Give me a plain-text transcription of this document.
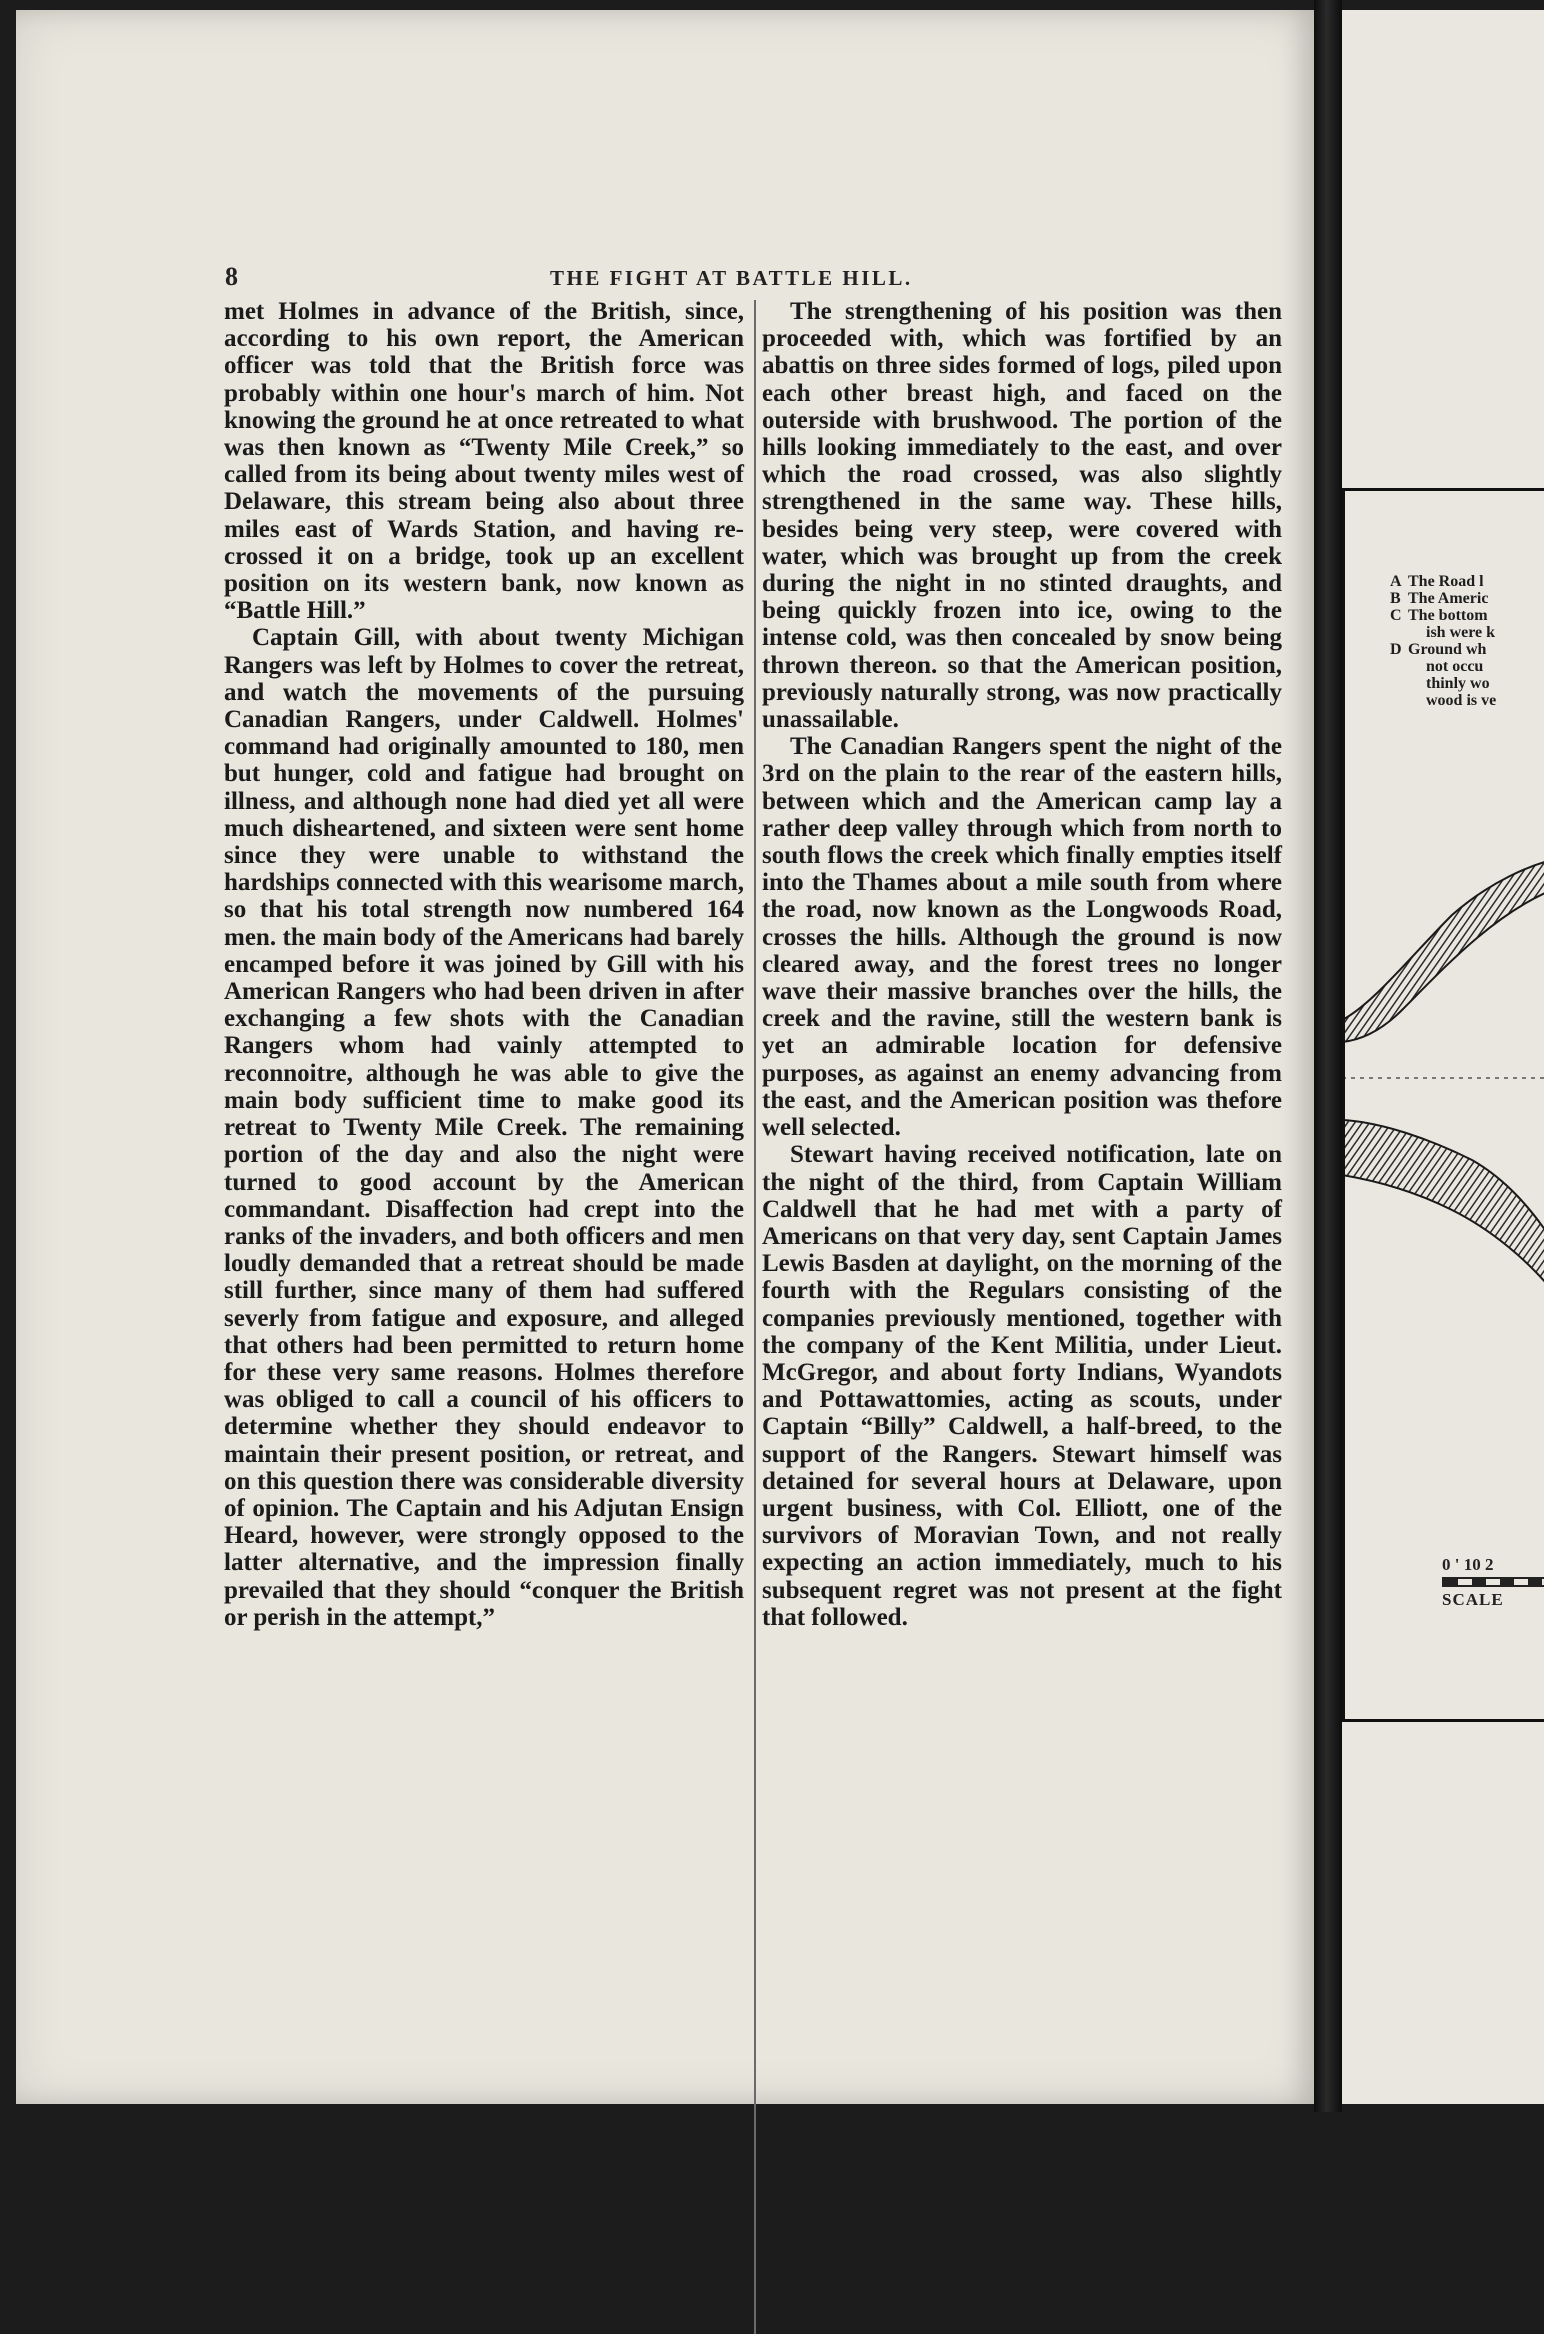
8	THE FIGHT AT BATTLE HILL.

met Holmes in advance of the British, since, according to his own report, the American officer was told that the British force was probably within one hour's march of him. Not knowing the ground he at once retreated to what was then known as “Twenty Mile Creek,” so called from its being about twenty miles west of Delaware, this stream being also about three miles east of Wards Station, and having re-crossed it on a bridge, took up an excellent position on its western bank, now known as “Battle Hill.”

Captain Gill, with about twenty Michigan Rangers was left by Holmes to cover the retreat, and watch the movements of the pursuing Canadian Rangers, under Caldwell. Holmes' command had originally amounted to 180, men but hunger, cold and fatigue had brought on illness, and although none had died yet all were much disheartened, and sixteen were sent home since they were unable to withstand the hardships connected with this wearisome march, so that his total strength now numbered 164 men. the main body of the Americans had barely encamped before it was joined by Gill with his American Rangers who had been driven in after exchanging a few shots with the Canadian Rangers whom had vainly attempted to reconnoitre, although he was able to give the main body sufficient time to make good its retreat to Twenty Mile Creek. The remaining portion of the day and also the night were turned to good account by the American commandant. Disaffection had crept into the ranks of the invaders, and both officers and men loudly demanded that a retreat should be made still further, since many of them had suffered severly from fatigue and exposure, and alleged that others had been permitted to return home for these very same reasons. Holmes therefore was obliged to call a council of his officers to determine whether they should endeavor to maintain their present position, or retreat, and on this question there was considerable diversity of opinion. The Captain and his Adjutan Ensign Heard, however, were strongly opposed to the latter alternative, and the impression finally prevailed that they should “conquer the British or perish in the attempt,”

The strengthening of his position was then proceeded with, which was fortified by an abattis on three sides formed of logs, piled upon each other breast high, and faced on the outerside with brushwood. The portion of the hills looking immediately to the east, and over which the road crossed, was also slightly strengthened in the same way. These hills, besides being very steep, were covered with water, which was brought up from the creek during the night in no stinted draughts, and being quickly frozen into ice, owing to the intense cold, was then concealed by snow being thrown thereon. so that the American position, previously naturally strong, was now practically unassailable.

The Canadian Rangers spent the night of the 3rd on the plain to the rear of the eastern hills, between which and the American camp lay a rather deep valley through which from north to south flows the creek which finally empties itself into the Thames about a mile south from where the road, now known as the Longwoods Road, crosses the hills. Although the ground is now cleared away, and the forest trees no longer wave their massive branches over the hills, the creek and the ravine, still the western bank is yet an admirable location for defensive purposes, as against an enemy advancing from the east, and the American position was thefore well selected.

Stewart having received notification, late on the night of the third, from Captain William Caldwell that he had met with a party of Americans on that very day, sent Captain James Lewis Basden at daylight, on the morning of the fourth with the Regulars consisting of the companies previously mentioned, together with the company of the Kent Militia, under Lieut. McGregor, and about forty Indians, Wyandots and Pottawattomies, acting as scouts, under Captain “Billy” Caldwell, a half-breed, to the support of the Rangers. Stewart himself was detained for several hours at Delaware, upon urgent business, with Col. Elliott, one of the survivors of Moravian Town, and not really expecting an action immediately, much to his subsequent regret was not present at the fight that followed.

A The Road l
B The Americ
C The bottom
ish were k
D Ground wh
not occu
thinly wo
wood is ve
0 ' 10 2
SCALE
